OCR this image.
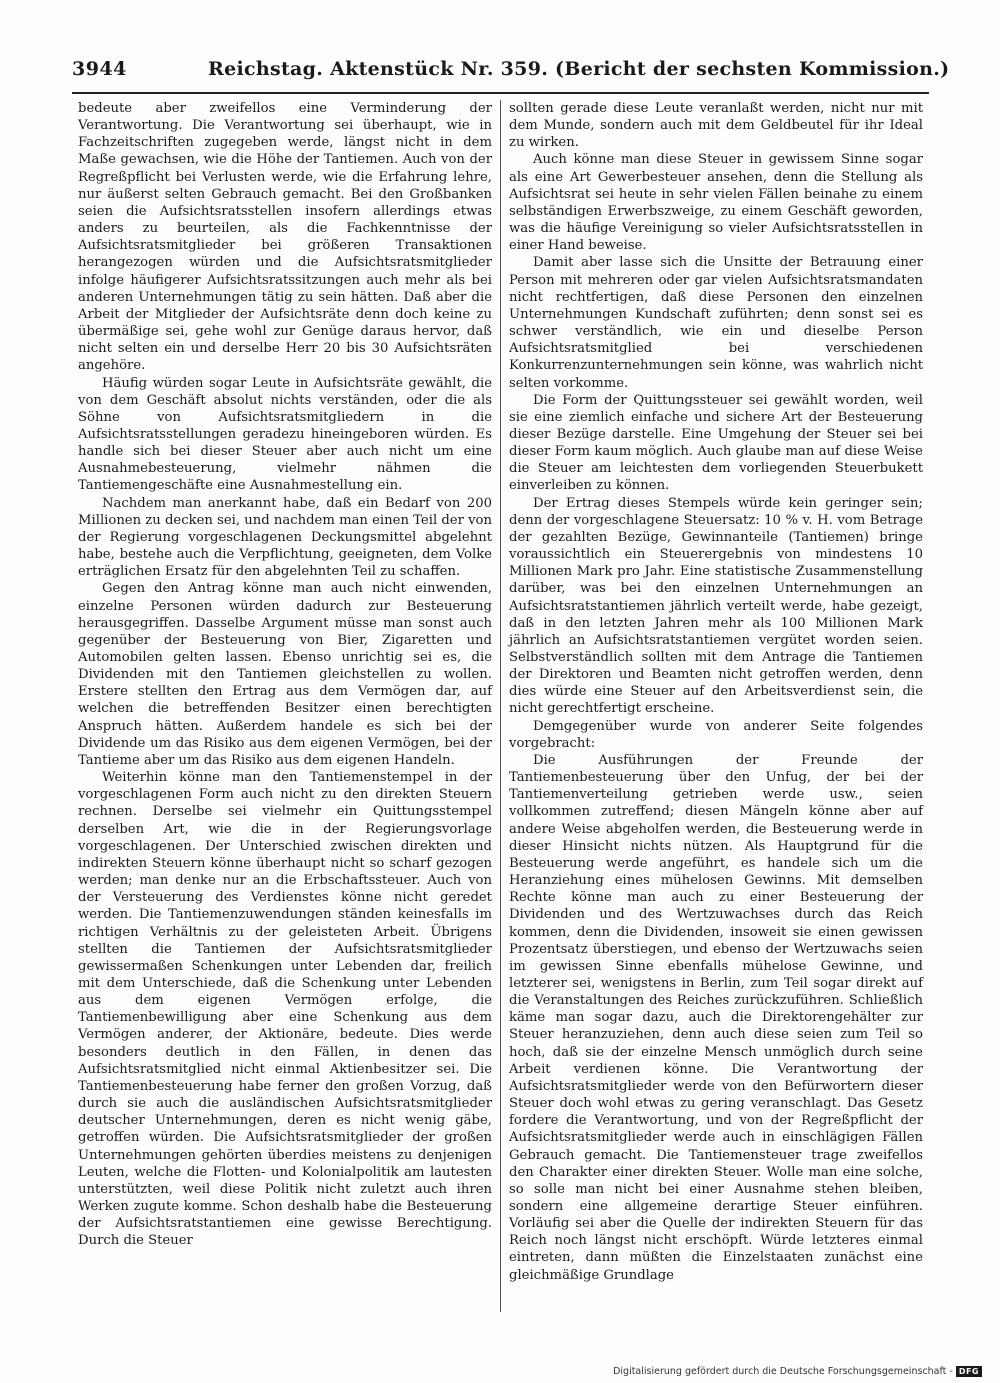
3944	Reichstag. Aktenstück Nr. 359. (Bericht der sechsten Kommission.)

bedeute aber zweifellos eine Verminderung der Verantwortung. Die Verantwortung sei überhaupt, wie in Fachzeitschriften zugegeben werde, längst nicht in dem Maße gewachsen, wie die Höhe der Tantiemen. Auch von der Regreßpflicht bei Verlusten werde, wie die Erfahrung lehre, nur äußerst selten Gebrauch gemacht. Bei den Großbanken seien die Aufsichtsratsstellen insofern allerdings etwas anders zu beurteilen, als die Fachkenntnisse der Aufsichtsratsmitglieder bei größeren Transaktionen herangezogen würden und die Aufsichtsratsmitglieder infolge häufigerer Aufsichtsratssitzungen auch mehr als bei anderen Unternehmungen tätig zu sein hätten. Daß aber die Arbeit der Mitglieder der Aufsichtsräte denn doch keine zu übermäßige sei, gehe wohl zur Genüge daraus hervor, daß nicht selten ein und derselbe Herr 20 bis 30 Aufsichtsräten angehöre.

Häufig würden sogar Leute in Aufsichtsräte gewählt, die von dem Geschäft absolut nichts verständen, oder die als Söhne von Aufsichtsratsmitgliedern in die Aufsichtsratsstellungen geradezu hineingeboren würden. Es handle sich bei dieser Steuer aber auch nicht um eine Ausnahmebesteuerung, vielmehr nähmen die Tantiemengeschäfte eine Ausnahmestellung ein.

Nachdem man anerkannt habe, daß ein Bedarf von 200 Millionen zu decken sei, und nachdem man einen Teil der von der Regierung vorgeschlagenen Deckungsmittel abgelehnt habe, bestehe auch die Verpflichtung, geeigneten, dem Volke erträglichen Ersatz für den abgelehnten Teil zu schaffen.

Gegen den Antrag könne man auch nicht einwenden, einzelne Personen würden dadurch zur Besteuerung herausgegriffen. Dasselbe Argument müsse man sonst auch gegenüber der Besteuerung von Bier, Zigaretten und Automobilen gelten lassen. Ebenso unrichtig sei es, die Dividenden mit den Tantiemen gleichstellen zu wollen. Erstere stellten den Ertrag aus dem Vermögen dar, auf welchen die betreffenden Besitzer einen berechtigten Anspruch hätten. Außerdem handele es sich bei der Dividende um das Risiko aus dem eigenen Vermögen, bei der Tantieme aber um das Risiko aus dem eigenen Handeln.

Weiterhin könne man den Tantiemenstempel in der vorgeschlagenen Form auch nicht zu den direkten Steuern rechnen. Derselbe sei vielmehr ein Quittungsstempel derselben Art, wie die in der Regierungsvorlage vorgeschlagenen. Der Unterschied zwischen direkten und indirekten Steuern könne überhaupt nicht so scharf gezogen werden; man denke nur an die Erbschaftssteuer. Auch von der Versteuerung des Verdienstes könne nicht geredet werden. Die Tantiemenzuwendungen ständen keinesfalls im richtigen Verhältnis zu der geleisteten Arbeit. Übrigens stellten die Tantiemen der Aufsichtsratsmitglieder gewissermaßen Schenkungen unter Lebenden dar, freilich mit dem Unterschiede, daß die Schenkung unter Lebenden aus dem eigenen Vermögen erfolge, die Tantiemenbewilligung aber eine Schenkung aus dem Vermögen anderer, der Aktionäre, bedeute. Dies werde besonders deutlich in den Fällen, in denen das Aufsichtsratsmitglied nicht einmal Aktienbesitzer sei. Die Tantiemenbesteuerung habe ferner den großen Vorzug, daß durch sie auch die ausländischen Aufsichtsratsmitglieder deutscher Unternehmungen, deren es nicht wenig gäbe, getroffen würden. Die Aufsichtsratsmitglieder der großen Unternehmungen gehörten überdies meistens zu denjenigen Leuten, welche die Flotten- und Kolonialpolitik am lautesten unterstützten, weil diese Politik nicht zuletzt auch ihren Werken zugute komme. Schon deshalb habe die Besteuerung der Aufsichtsratstantiemen eine gewisse Berechtigung. Durch die Steuer

sollten gerade diese Leute veranlaßt werden, nicht nur mit dem Munde, sondern auch mit dem Geldbeutel für ihr Ideal zu wirken.

Auch könne man diese Steuer in gewissem Sinne sogar als eine Art Gewerbesteuer ansehen, denn die Stellung als Aufsichtsrat sei heute in sehr vielen Fällen beinahe zu einem selbständigen Erwerbszweige, zu einem Geschäft geworden, was die häufige Vereinigung so vieler Aufsichtsratsstellen in einer Hand beweise.

Damit aber lasse sich die Unsitte der Betrauung einer Person mit mehreren oder gar vielen Aufsichtsratsmandaten nicht rechtfertigen, daß diese Personen den einzelnen Unternehmungen Kundschaft zuführten; denn sonst sei es schwer verständlich, wie ein und dieselbe Person Aufsichtsratsmitglied bei verschiedenen Konkurrenzunternehmungen sein könne, was wahrlich nicht selten vorkomme.

Die Form der Quittungssteuer sei gewählt worden, weil sie eine ziemlich einfache und sichere Art der Besteuerung dieser Bezüge darstelle. Eine Umgehung der Steuer sei bei dieser Form kaum möglich. Auch glaube man auf diese Weise die Steuer am leichtesten dem vorliegenden Steuerbukett einverleiben zu können.

Der Ertrag dieses Stempels würde kein geringer sein; denn der vorgeschlagene Steuersatz: 10 % v. H. vom Betrage der gezahlten Bezüge, Gewinnanteile (Tantiemen) bringe voraussichtlich ein Steuerergebnis von mindestens 10 Millionen Mark pro Jahr. Eine statistische Zusammenstellung darüber, was bei den einzelnen Unternehmungen an Aufsichtsratstantiemen jährlich verteilt werde, habe gezeigt, daß in den letzten Jahren mehr als 100 Millionen Mark jährlich an Aufsichtsratstantiemen vergütet worden seien. Selbstverständlich sollten mit dem Antrage die Tantiemen der Direktoren und Beamten nicht getroffen werden, denn dies würde eine Steuer auf den Arbeitsverdienst sein, die nicht gerechtfertigt erscheine.

Demgegenüber wurde von anderer Seite folgendes vorgebracht:

Die Ausführungen der Freunde der Tantiemenbesteuerung über den Unfug, der bei der Tantiemenverteilung getrieben werde usw., seien vollkommen zutreffend; diesen Mängeln könne aber auf andere Weise abgeholfen werden, die Besteuerung werde in dieser Hinsicht nichts nützen. Als Hauptgrund für die Besteuerung werde angeführt, es handele sich um die Heranziehung eines mühelosen Gewinns. Mit demselben Rechte könne man auch zu einer Besteuerung der Dividenden und des Wertzuwachses durch das Reich kommen, denn die Dividenden, insoweit sie einen gewissen Prozentsatz überstiegen, und ebenso der Wertzuwachs seien im gewissen Sinne ebenfalls mühelose Gewinne, und letzterer sei, wenigstens in Berlin, zum Teil sogar direkt auf die Veranstaltungen des Reiches zurückzuführen. Schließlich käme man sogar dazu, auch die Direktorengehälter zur Steuer heranzuziehen, denn auch diese seien zum Teil so hoch, daß sie der einzelne Mensch unmöglich durch seine Arbeit verdienen könne. Die Verantwortung der Aufsichtsratsmitglieder werde von den Befürwortern dieser Steuer doch wohl etwas zu gering veranschlagt. Das Gesetz fordere die Verantwortung, und von der Regreßpflicht der Aufsichtsratsmitglieder werde auch in einschlägigen Fällen Gebrauch gemacht. Die Tantiemensteuer trage zweifellos den Charakter einer direkten Steuer. Wolle man eine solche, so solle man nicht bei einer Ausnahme stehen bleiben, sondern eine allgemeine derartige Steuer einführen. Vorläufig sei aber die Quelle der indirekten Steuern für das Reich noch längst nicht erschöpft. Würde letzteres einmal eintreten, dann müßten die Einzelstaaten zunächst eine gleichmäßige Grundlage

Digitalisierung gefördert durch die Deutsche Forschungsgemeinschaft - DFG
